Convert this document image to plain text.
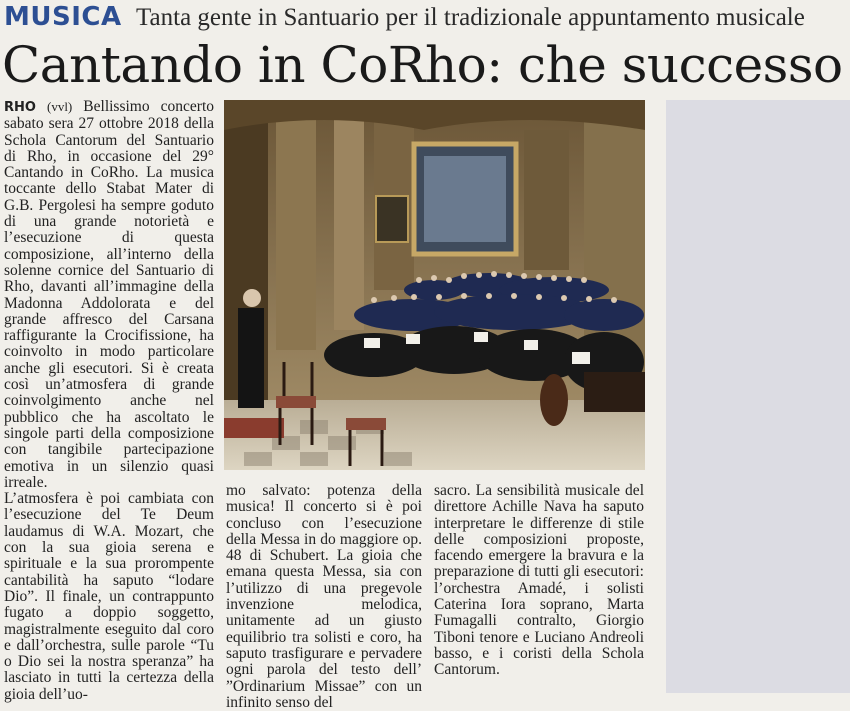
MUSICA Tanta gente in Santuario per il tradizionale appuntamento musicale
Cantando in CoRho: che successo

RHO (vvl) Bellissimo concerto sabato sera 27 ottobre 2018 della Schola Cantorum del Santuario di Rho, in occasione del 29° Cantando in CoRho. La musica toccante dello Stabat Mater di G.B. Pergolesi ha sempre goduto di una grande notorietà e l’esecuzione di questa composizione, all’interno della solenne cornice del Santuario di Rho, davanti all’immagine della Madonna Addolorata e del grande affresco del Carsana raffigurante la Crocifissione, ha coinvolto in modo particolare anche gli esecutori. Si è creata così un’atmosfera di grande coinvolgimento anche nel pubblico che ha ascoltato le singole parti della composizione con tangibile partecipazione emotiva in un silenzio quasi irreale.

L’atmosfera è poi cambiata con l’esecuzione del Te Deum laudamus di W.A. Mozart, che con la sua gioia serena e spirituale e la sua prorompente cantabilità ha saputo “lodare Dio”. Il finale, un contrappunto fugato a doppio soggetto, magistralmente eseguito dal coro e dall’orchestra, sulle parole “Tu o Dio sei la nostra speranza” ha lasciato in tutti la certezza della gioia dell’uo-

mo salvato: potenza della musica! Il concerto si è poi concluso con l’esecuzione della Messa in do maggiore op. 48 di Schubert. La gioia che emana questa Messa, sia con l’utilizzo di una pregevole invenzione melodica, unitamente ad un giusto equilibrio tra solisti e coro, ha saputo trasfigurare e pervadere ogni parola del testo dell’ ”Ordinarium Missae” con un infinito senso del

sacro. La sensibilità musicale del direttore Achille Nava ha saputo interpretare le differenze di stile delle composizioni proposte, facendo emergere la bravura e la preparazione di tutti gli esecutori: l’orchestra Amadé, i solisti Caterina Iora soprano, Marta Fumagalli contralto, Giorgio Tiboni tenore e Luciano Andreoli basso, e i coristi della Schola Cantorum.
